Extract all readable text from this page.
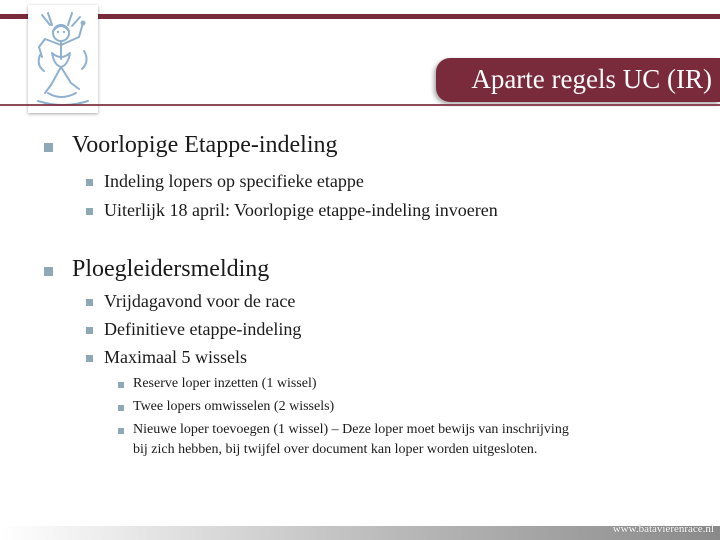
Aparte regels UC (IR)
Voorlopige Etappe-indeling
Indeling lopers op specifieke etappe
Uiterlijk 18 april: Voorlopige etappe-indeling invoeren
Ploegleidersmelding
Vrijdagavond voor de race
Definitieve etappe-indeling
Maximaal 5 wissels
Reserve loper inzetten (1 wissel)
Twee lopers omwisselen (2 wissels)
Nieuwe loper toevoegen (1 wissel) – Deze loper moet bewijs van inschrijving
bij zich hebben, bij twijfel over document kan loper worden uitgesloten.
www.batavierenrace.nl
